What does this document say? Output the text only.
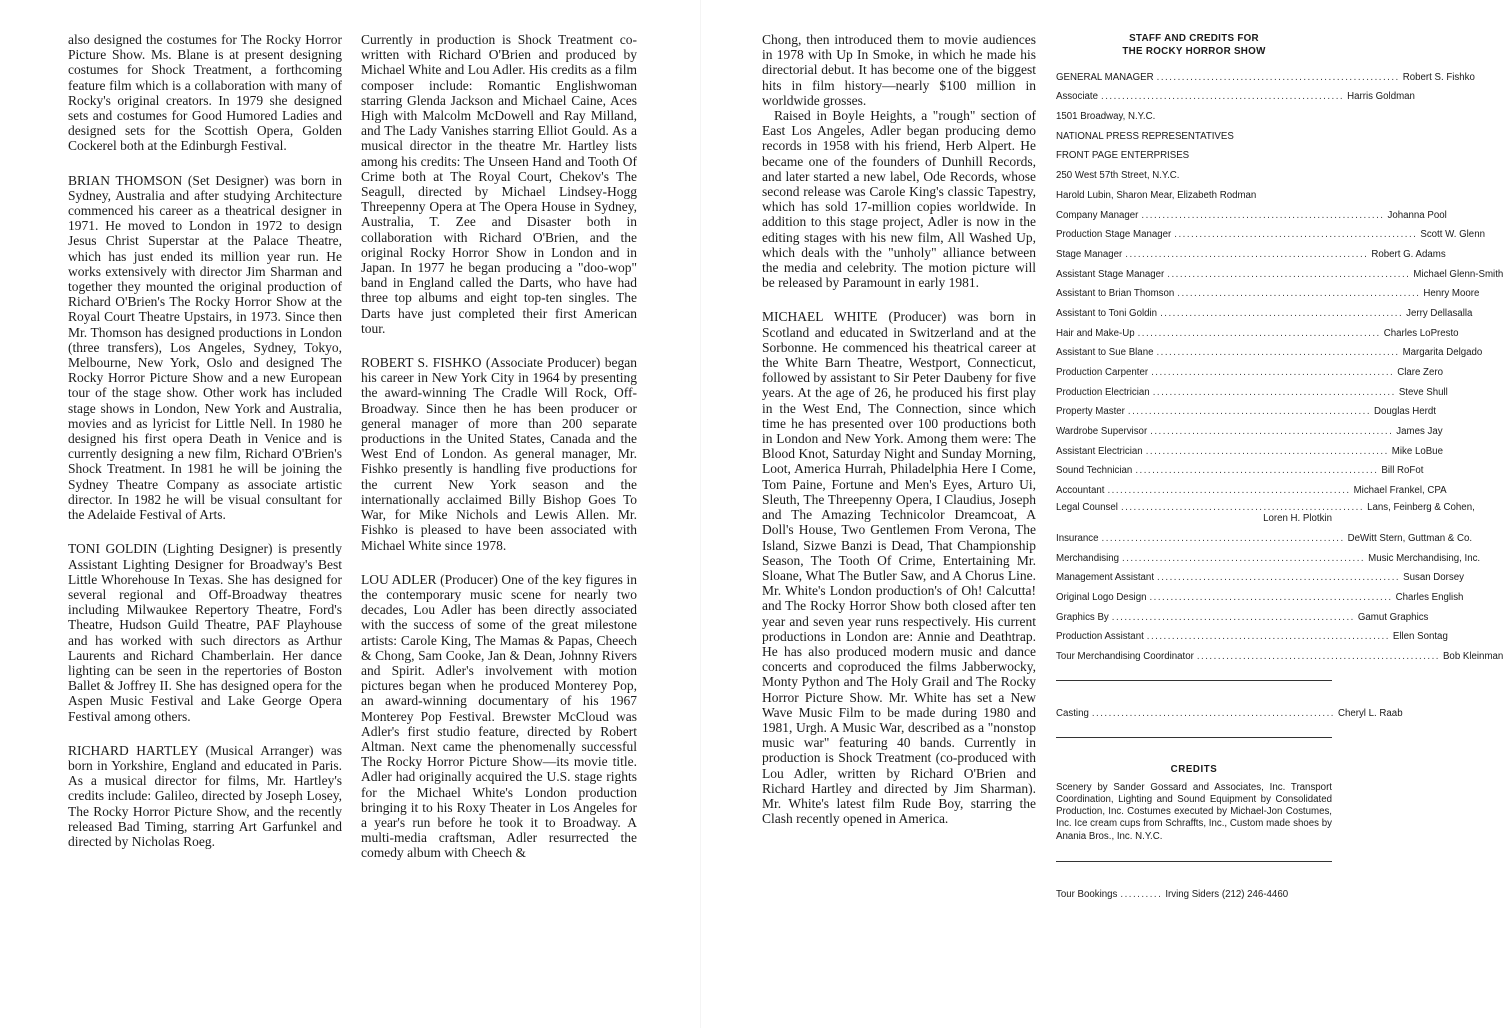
also designed the costumes for The Rocky Horror Picture Show. Ms. Blane is at present designing costumes for Shock Treatment, a forthcoming feature film which is a collaboration with many of Rocky's original creators. In 1979 she designed sets and costumes for Good Humored Ladies and designed sets for the Scottish Opera, Golden Cockerel both at the Edinburgh Festival.

BRIAN THOMSON (Set Designer) was born in Sydney, Australia and after studying Architecture commenced his career as a theatrical designer in 1971. He moved to London in 1972 to design Jesus Christ Superstar at the Palace Theatre, which has just ended its million year run. He works extensively with director Jim Sharman and together they mounted the original production of Richard O'Brien's The Rocky Horror Show at the Royal Court Theatre Upstairs, in 1973. Since then Mr. Thomson has designed productions in London (three transfers), Los Angeles, Sydney, Tokyo, Melbourne, New York, Oslo and designed The Rocky Horror Picture Show and a new European tour of the stage show. Other work has included stage shows in London, New York and Australia, movies and as lyricist for Little Nell. In 1980 he designed his first opera Death in Venice and is currently designing a new film, Richard O'Brien's Shock Treatment. In 1981 he will be joining the Sydney Theatre Company as associate artistic director. In 1982 he will be visual consultant for the Adelaide Festival of Arts.

TONI GOLDIN (Lighting Designer) is presently Assistant Lighting Designer for Broadway's Best Little Whorehouse In Texas. She has designed for several regional and Off-Broadway theatres including Milwaukee Repertory Theatre, Ford's Theatre, Hudson Guild Theatre, PAF Playhouse and has worked with such directors as Arthur Laurents and Richard Chamberlain. Her dance lighting can be seen in the repertories of Boston Ballet & Joffrey II. She has designed opera for the Aspen Music Festival and Lake George Opera Festival among others.

RICHARD HARTLEY (Musical Arranger) was born in Yorkshire, England and educated in Paris. As a musical director for films, Mr. Hartley's credits include: Galileo, directed by Joseph Losey, The Rocky Horror Picture Show, and the recently released Bad Timing, starring Art Garfunkel and directed by Nicholas Roeg.

Currently in production is Shock Treatment co-written with Richard O'Brien and produced by Michael White and Lou Adler. His credits as a film composer include: Romantic Englishwoman starring Glenda Jackson and Michael Caine, Aces High with Malcolm McDowell and Ray Milland, and The Lady Vanishes starring Elliot Gould. As a musical director in the theatre Mr. Hartley lists among his credits: The Unseen Hand and Tooth Of Crime both at The Royal Court, Chekov's The Seagull, directed by Michael Lindsey-Hogg Threepenny Opera at The Opera House in Sydney, Australia, T. Zee and Disaster both in collaboration with Richard O'Brien, and the original Rocky Horror Show in London and in Japan. In 1977 he began producing a "doo-wop" band in England called the Darts, who have had three top albums and eight top-ten singles. The Darts have just completed their first American tour.

ROBERT S. FISHKO (Associate Producer) began his career in New York City in 1964 by presenting the award-winning The Cradle Will Rock, Off-Broadway. Since then he has been producer or general manager of more than 200 separate productions in the United States, Canada and the West End of London. As general manager, Mr. Fishko presently is handling five productions for the current New York season and the internationally acclaimed Billy Bishop Goes To War, for Mike Nichols and Lewis Allen. Mr. Fishko is pleased to have been associated with Michael White since 1978.

LOU ADLER (Producer) One of the key figures in the contemporary music scene for nearly two decades, Lou Adler has been directly associated with the success of some of the great milestone artists: Carole King, The Mamas & Papas, Cheech & Chong, Sam Cooke, Jan & Dean, Johnny Rivers and Spirit. Adler's involvement with motion pictures began when he produced Monterey Pop, an award-winning documentary of his 1967 Monterey Pop Festival. Brewster McCloud was Adler's first studio feature, directed by Robert Altman. Next came the phenomenally successful The Rocky Horror Picture Show—its movie title. Adler had originally acquired the U.S. stage rights for the Michael White's London production bringing it to his Roxy Theater in Los Angeles for a year's run before he took it to Broadway. A multi-media craftsman, Adler resurrected the comedy album with Cheech &

Chong, then introduced them to movie audiences in 1978 with Up In Smoke, in which he made his directorial debut. It has become one of the biggest hits in film history—nearly $100 million in worldwide grosses.

Raised in Boyle Heights, a "rough" section of East Los Angeles, Adler began producing demo records in 1958 with his friend, Herb Alpert. He became one of the founders of Dunhill Records, and later started a new label, Ode Records, whose second release was Carole King's classic Tapestry, which has sold 17-million copies worldwide. In addition to this stage project, Adler is now in the editing stages with his new film, All Washed Up, which deals with the "unholy" alliance between the media and celebrity. The motion picture will be released by Paramount in early 1981.

MICHAEL WHITE (Producer) was born in Scotland and educated in Switzerland and at the Sorbonne. He commenced his theatrical career at the White Barn Theatre, Westport, Connecticut, followed by assistant to Sir Peter Daubeny for five years. At the age of 26, he produced his first play in the West End, The Connection, since which time he has presented over 100 productions both in London and New York. Among them were: The Blood Knot, Saturday Night and Sunday Morning, Loot, America Hurrah, Philadelphia Here I Come, Tom Paine, Fortune and Men's Eyes, Arturo Ui, Sleuth, The Threepenny Opera, I Claudius, Joseph and The Amazing Technicolor Dreamcoat, A Doll's House, Two Gentlemen From Verona, The Island, Sizwe Banzi is Dead, That Championship Season, The Tooth Of Crime, Entertaining Mr. Sloane, What The Butler Saw, and A Chorus Line. Mr. White's London production's of Oh! Calcutta! and The Rocky Horror Show both closed after ten year and seven year runs respectively. His current productions in London are: Annie and Deathtrap. He has also produced modern music and dance concerts and coproduced the films Jabberwocky, Monty Python and The Holy Grail and The Rocky Horror Picture Show. Mr. White has set a New Wave Music Film to be made during 1980 and 1981, Urgh. A Music War, described as a "nonstop music war" featuring 40 bands. Currently in production is Shock Treatment (co-produced with Lou Adler, written by Richard O'Brien and Richard Hartley and directed by Jim Sharman). Mr. White's latest film Rude Boy, starring the Clash recently opened in America.

STAFF AND CREDITS FOR
THE ROCKY HORROR SHOW
GENERAL MANAGER .......................................................... Robert S. Fishko
Associate .......................................................... Harris Goldman
1501 Broadway, N.Y.C.
NATIONAL PRESS REPRESENTATIVES
FRONT PAGE ENTERPRISES
250 West 57th Street, N.Y.C.
Harold Lubin, Sharon Mear, Elizabeth Rodman
Company Manager .......................................................... Johanna Pool
Production Stage Manager .......................................................... Scott W. Glenn
Stage Manager .......................................................... Robert G. Adams
Assistant Stage Manager .......................................................... Michael Glenn-Smith
Assistant to Brian Thomson .......................................................... Henry Moore
Assistant to Toni Goldin .......................................................... Jerry Dellasalla
Hair and Make-Up .......................................................... Charles LoPresto
Assistant to Sue Blane .......................................................... Margarita Delgado
Production Carpenter .......................................................... Clare Zero
Production Electrician .......................................................... Steve Shull
Property Master .......................................................... Douglas Herdt
Wardrobe Supervisor .......................................................... James Jay
Assistant Electrician .......................................................... Mike LoBue
Sound Technician .......................................................... Bill RoFot
Accountant .......................................................... Michael Frankel, CPA
Legal Counsel .......................................................... Lans, Feinberg & Cohen,
Loren H. Plotkin
Insurance .......................................................... DeWitt Stern, Guttman & Co.
Merchandising .......................................................... Music Merchandising, Inc.
Management Assistant .......................................................... Susan Dorsey
Original Logo Design .......................................................... Charles English
Graphics By .......................................................... Gamut Graphics
Production Assistant .......................................................... Ellen Sontag
Tour Merchandising Coordinator .......................................................... Bob Kleinman
Casting .......................................................... Cheryl L. Raab
CREDITS
Scenery by Sander Gossard and Associates, Inc. Transport Coordination, Lighting and Sound Equipment by Consolidated Production, Inc. Costumes executed by Michael-Jon Costumes, Inc. Ice cream cups from Schraffts, Inc., Custom made shoes by Anania Bros., Inc. N.Y.C.
Tour Bookings .......... Irving Siders (212) 246-4460
